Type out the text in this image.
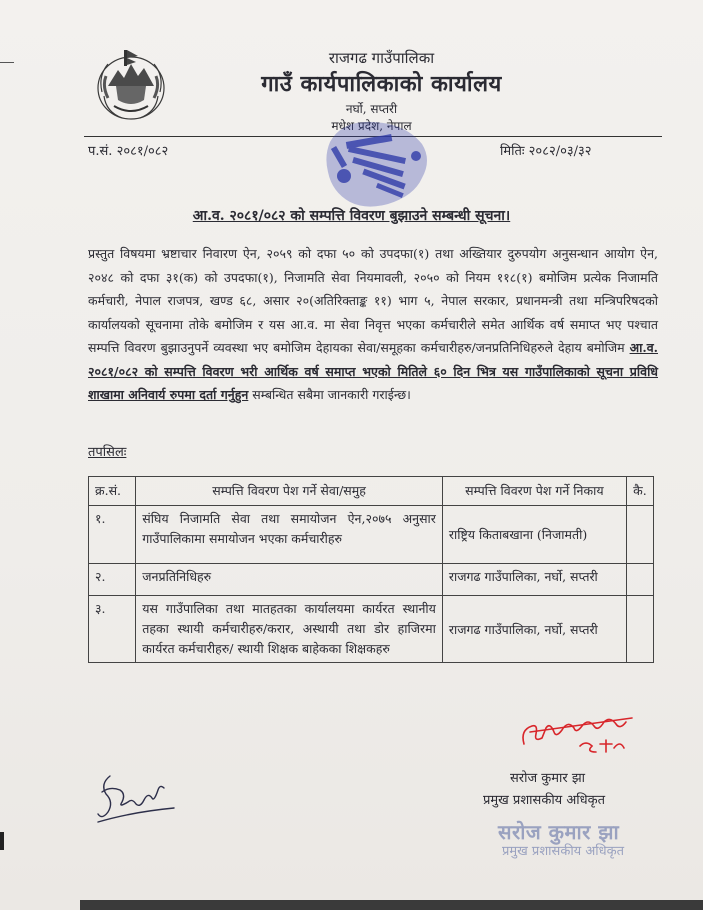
राजगढ गाउँपालिका
गाउँ कार्यपालिकाको कार्यालय
नर्घो, सप्तरी
मधेश प्रदेश, नेपाल
प.सं. २०८१/०८२	मितिः २०८२/०३/३२
आ.व. २०८१/०८२ को सम्पत्ति विवरण बुझाउने सम्बन्धी सूचना।
प्रस्तुत विषयमा भ्रष्टाचार निवारण ऐन, २०५९ को दफा ५० को उपदफा(१) तथा अख्तियार दुरुपयोग अनुसन्धान आयोग ऐन, २०४८ को दफा ३१(क) को उपदफा(१), निजामति सेवा नियमावली, २०५० को नियम ११८(१) बमोजिम प्रत्येक निजामति कर्मचारी, नेपाल राजपत्र, खण्ड ६८, असार २०(अतिरिक्ताङ्क ११) भाग ५, नेपाल सरकार, प्रधानमन्त्री तथा मन्त्रिपरिषदको कार्यालयको सूचनामा तोके बमोजिम र यस आ.व. मा सेवा निवृत्त भएका कर्मचारीले समेत आर्थिक वर्ष समाप्त भए पश्चात सम्पत्ति विवरण बुझाउनुपर्ने व्यवस्था भए बमोजिम देहायका सेवा/समूहका कर्मचारीहरु/जनप्रतिनिधिहरुले देहाय बमोजिम आ.व. २०८१/०८२ को सम्पत्ति विवरण भरी आर्थिक वर्ष समाप्त भएको मितिले ६० दिन भित्र यस गाउँपालिकाको सूचना प्रविधि शाखामा अनिवार्य रुपमा दर्ता गर्नुहुन सम्बन्धित सबैमा जानकारी गराईन्छ।
तपसिलः
क्र.सं.	सम्पत्ति विवरण पेश गर्ने सेवा/समुह	सम्पत्ति विवरण पेश गर्ने निकाय	कै.
१.	संघिय निजामति सेवा तथा समायोजन ऐन,२०७५ अनुसार गाउँपालिकामा समायोजन भएका कर्मचारीहरु	राष्ट्रिय किताबखाना (निजामती)	
२.	जनप्रतिनिधिहरु	राजगढ गाउँपालिका, नर्घो, सप्तरी	
३.	यस गाउँपालिका तथा मातहतका कार्यालयमा कार्यरत स्थानीय तहका स्थायी कर्मचारीहरु/करार, अस्थायी तथा डोर हाजिरमा कार्यरत कर्मचारीहरु/ स्थायी शिक्षक बाहेकका शिक्षकहरु	राजगढ गाउँपालिका, नर्घो, सप्तरी	
सरोज कुमार झा
प्रमुख प्रशासकीय अधिकृत
सरोज कुमार झा
प्रमुख प्रशासकीय अधिकृत
